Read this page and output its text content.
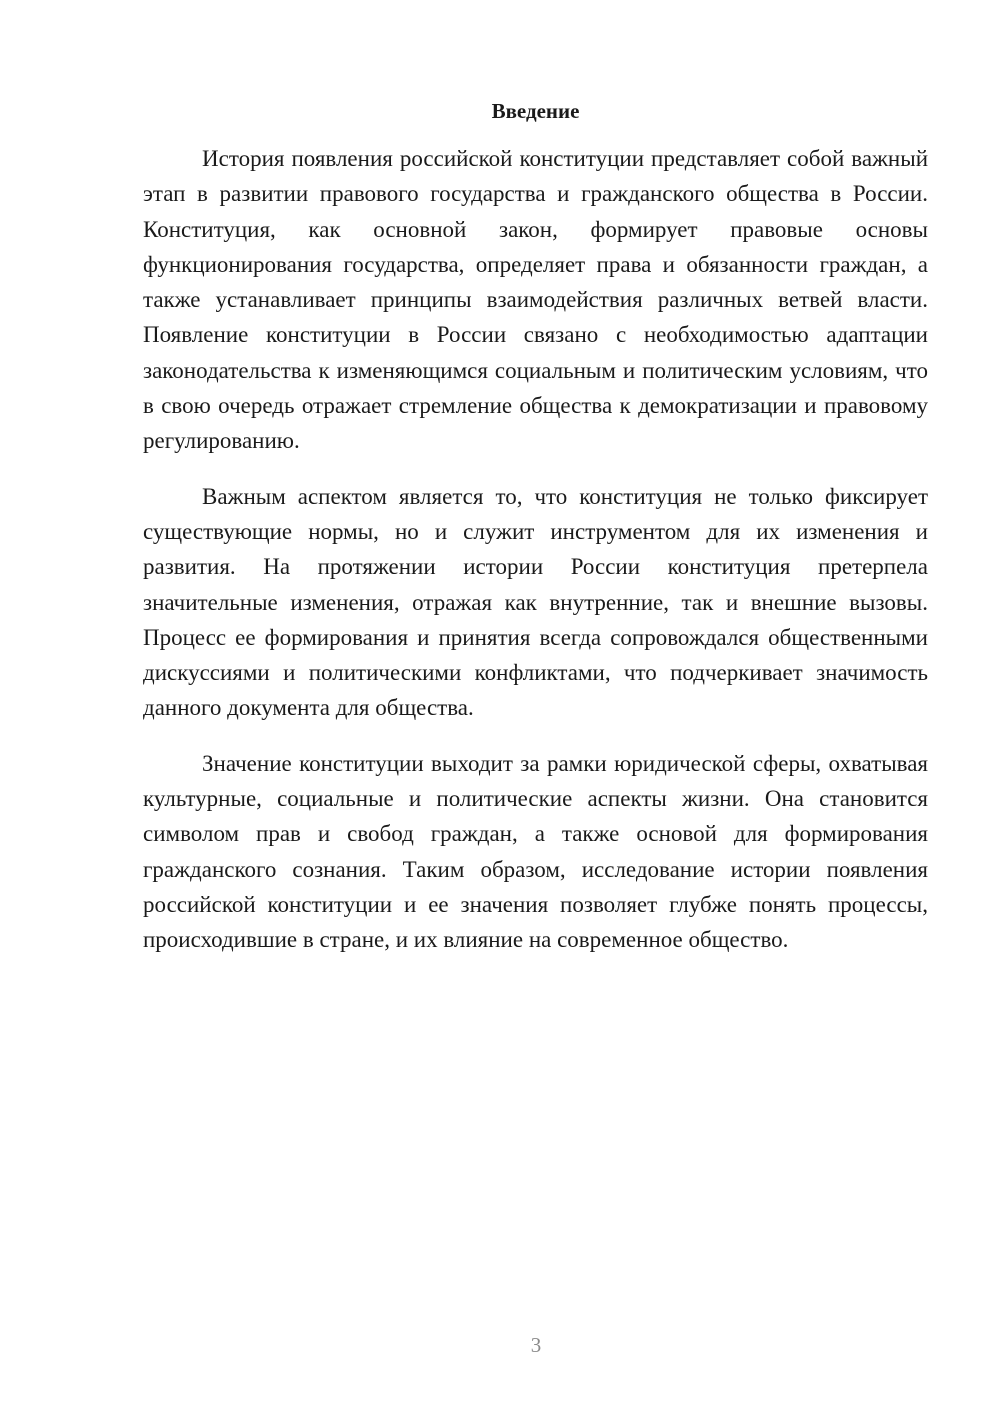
Введение

История появления российской конституции представляет собой важный этап в развитии правового государства и гражданского общества в России. Конституция, как основной закон, формирует правовые основы функционирования государства, определяет права и обязанности граждан, а также устанавливает принципы взаимодействия различных ветвей власти. Появление конституции в России связано с необходимостью адаптации законодательства к изменяющимся социальным и политическим условиям, что в свою очередь отражает стремление общества к демократизации и правовому регулированию.

Важным аспектом является то, что конституция не только фиксирует существующие нормы, но и служит инструментом для их изменения и развития. На протяжении истории России конституция претерпела значительные изменения, отражая как внутренние, так и внешние вызовы. Процесс ее формирования и принятия всегда сопровождался общественными дискуссиями и политическими конфликтами, что подчеркивает значимость данного документа для общества.

Значение конституции выходит за рамки юридической сферы, охватывая культурные, социальные и политические аспекты жизни. Она становится символом прав и свобод граждан, а также основой для формирования гражданского сознания. Таким образом, исследование истории появления российской конституции и ее значения позволяет глубже понять процессы, происходившие в стране, и их влияние на современное общество.

3
